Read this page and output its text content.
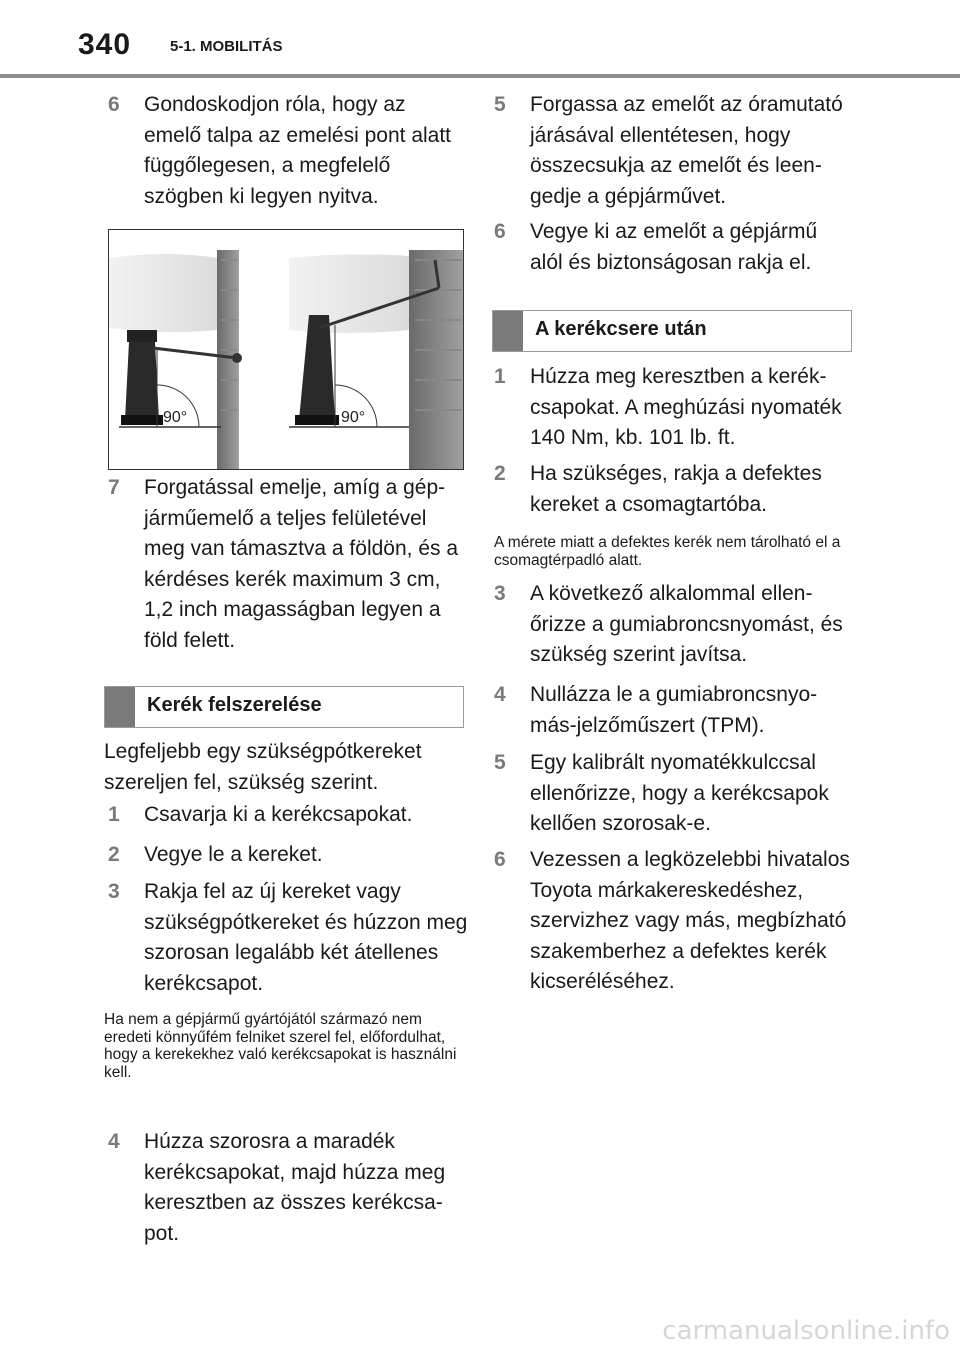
340	5-1. MOBILITÁS
6 Gondoskodjon róla, hogy az emelő talpa az emelési pont alatt függőlegesen, a megfelelő szögben ki legyen nyitva.
90°	90°
7 Forgatással emelje, amíg a gépjárműemelő a teljes felületével meg van támasztva a földön, és a kérdéses kerék maximum 3 cm, 1,2 inch magasságban legyen a föld felett.
Kerék felszerelése
Legfeljebb egy szükségpótkereket szereljen fel, szükség szerint.
1 Csavarja ki a kerékcsapokat.
2 Vegye le a kereket.
3 Rakja fel az új kereket vagy szükségpótkereket és húzzon meg szorosan legalább két átellenes kerékcsapot.
Ha nem a gépjármű gyártójától származó nem eredeti könnyűfém felniket szerel fel, előfordulhat, hogy a kerekekhez való kerékcsapokat is használni kell.
4 Húzza szorosra a maradék kerékcsapokat, majd húzza meg keresztben az összes kerékcsapot.
5 Forgassa az emelőt az óramutató járásával ellentétesen, hogy összecsukja az emelőt és leengedje a gépjárművet.
6 Vegye ki az emelőt a gépjármű alól és biztonságosan rakja el.
A kerékcsere után
1 Húzza meg keresztben a kerékcsapokat. A meghúzási nyomaték 140 Nm, kb. 101 lb. ft.
2 Ha szükséges, rakja a defektes kereket a csomagtartóba.
A mérete miatt a defektes kerék nem tárolható el a csomagtérpadló alatt.
3 A következő alkalommal ellenőrizze a gumiabroncsnyomást, és szükség szerint javítsa.
4 Nullázza le a gumiabroncsnyomás-jelzőműszert (TPM).
5 Egy kalibrált nyomatékkulccsal ellenőrizze, hogy a kerékcsapok kellően szorosak-e.
6 Vezessen a legközelebbi hivatalos Toyota márkakereskedéshez, szervizhez vagy más, megbízható szakemberhez a defektes kerék kicseréléséhez.
carmanualsonline.info
